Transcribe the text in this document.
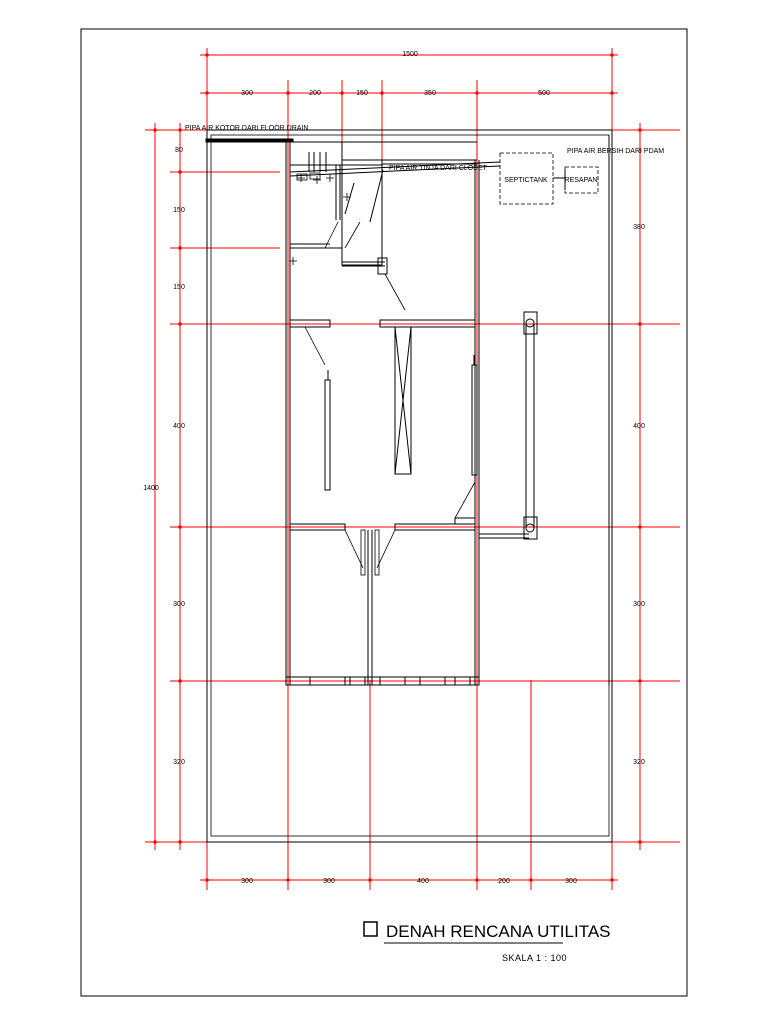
1500
300	200	150	350	500
300	300	400	200	300
1400
80
150
150
400
300
320
380
400
300
320
PIPA AIR KOTOR DARI FLOOR DRAIN
PIPA AIR TINJA DARI CLOSET
PIPA AIR BERSIH DARI PDAM
SEPTICTANK RESAPAN
DENAH RENCANA UTILITAS
SKALA 1 : 100
